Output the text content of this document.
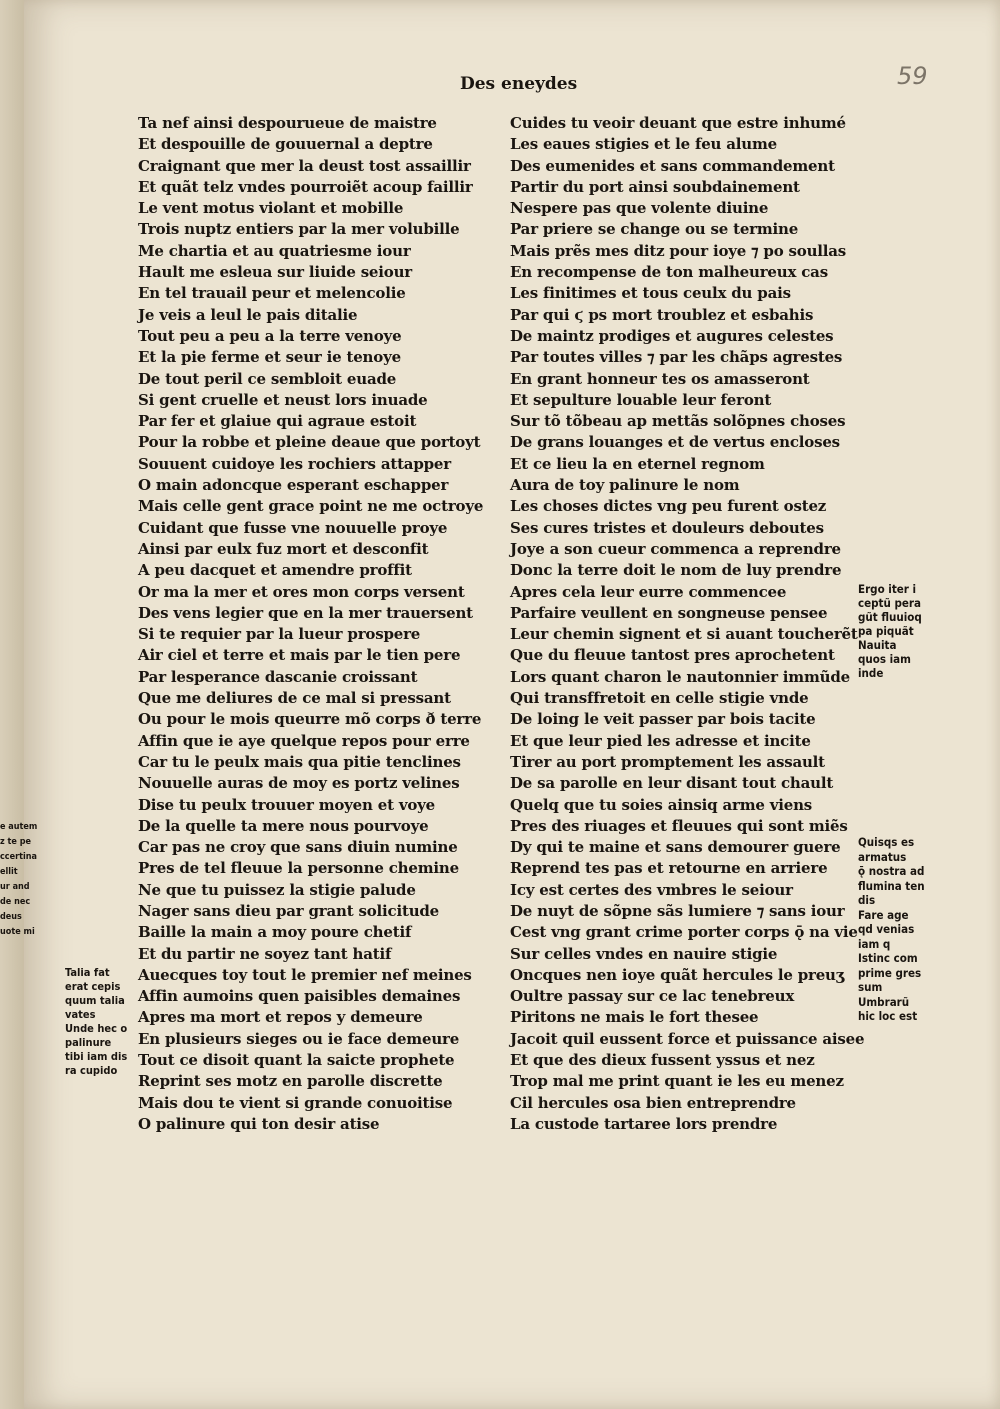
Des eneydes	59
Ta nef ainsi despourueue de maistre
Et despouille de gouuernal a deptre
Craignant que mer la deust tost assaillir
Et quãt telz vndes pourroiẽt acoup faillir
Le vent motus violant et mobille
Trois nuptz entiers par la mer volubille
Me chartia et au quatriesme iour
Hault me esleua sur liuide seiour
En tel trauail peur et melencolie
Je veis a leul le pais ditalie
Tout peu a peu a la terre venoye
Et la pie ferme et seur ie tenoye
De tout peril ce sembloit euade
Si gent cruelle et neust lors inuade
Par fer et glaiue qui agraue estoit
Pour la robbe et pleine deaue que portoyt
Souuent cuidoye les rochiers attapper
O main adoncque esperant eschapper
Mais celle gent grace point ne me octroye
Cuidant que fusse vne nouuelle proye
Ainsi par eulx fuz mort et desconfit
A peu dacquet et amendre proffit
Or ma la mer et ores mon corps versent
Des vens legier que en la mer trauersent
Si te requier par la lueur prospere
Air ciel et terre et mais par le tien pere
Par lesperance dascanie croissant
Que me deliures de ce mal si pressant
Ou pour le mois queurre mõ corps ð terre
Affin que ie aye quelque repos pour erre
Car tu le peulx mais qua pitie tenclines
Nouuelle auras de moy es portz velines
Dise tu peulx trouuer moyen et voye
De la quelle ta mere nous pourvoye
Car pas ne croy que sans diuin numine
Pres de tel fleuue la personne chemine
Ne que tu puissez la stigie palude
Nager sans dieu par grant solicitude
Baille la main a moy poure chetif
Et du partir ne soyez tant hatif
Auecques toy tout le premier nef meines
Affin aumoins quen paisibles demaines
Apres ma mort et repos y demeure
En plusieurs sieges ou ie face demeure
Tout ce disoit quant la saicte prophete
Reprint ses motz en parolle discrette
Mais dou te vient si grande conuoitise
O palinure qui ton desir atise
Cuides tu veoir deuant que estre inhumé
Les eaues stigies et le feu alume
Des eumenides et sans commandement
Partir du port ainsi soubdainement
Nespere pas que volente diuine
Par priere se change ou se termine
Mais prẽs mes ditz pour ioye ⁊ po soullas
En recompense de ton malheureux cas
Les finitimes et tous ceulx du pais
Par qui ϛ ps mort troublez et esbahis
De maintz prodiges et augures celestes
Par toutes villes ⁊ par les chãps agrestes
En grant honneur tes os amasseront
Et sepulture louable leur feront
Sur tõ tõbeau ap mettãs solõpnes choses
De grans louanges et de vertus encloses
Et ce lieu la en eternel regnom
Aura de toy palinure le nom
Les choses dictes vng peu furent ostez
Ses cures tristes et douleurs deboutes
Joye a son cueur commenca a reprendre
Donc la terre doit le nom de luy prendre
Apres cela leur eurre commencee
Parfaire veullent en songneuse pensee
Leur chemin signent et si auant toucherẽt
Que du fleuue tantost pres aprochetent
Lors quant charon le nautonnier immũde
Qui transffretoit en celle stigie vnde
De loing le veit passer par bois tacite
Et que leur pied les adresse et incite
Tirer au port promptement les assault
De sa parolle en leur disant tout chault
Quelq que tu soies ainsiq arme viens
Pres des riuages et fleuues qui sont miẽs
Dy qui te maine et sans demourer guere
Reprend tes pas et retourne en arriere
Icy est certes des vmbres le seiour
De nuyt de sõpne sãs lumiere ⁊ sans iour
Cest vng grant crime porter corps ǭ na vie
Sur celles vndes en nauire stigie
Oncques nen ioye quãt hercules le preuʒ
Oultre passay sur ce lac tenebreux
Piritons ne mais le fort thesee
Jacoit quil eussent force et puissance aisee
Et que des dieux fussent yssus et nez
Trop mal me print quant ie les eu menez
Cil hercules osa bien entreprendre
La custode tartaree lors prendre
Ergo iter i
ceptũ pera
gũt fluuioq
pa piquãt
Nauita
quos iam
inde
Quisqs es
armatus
ǭ nostra ad
flumina ten
dis
Fare age
qd venias
iam q
Istinc com
prime gres
sum
Umbrarũ
hic loc est
Talia fat
erat cepis
quum talia
vates
Unde hec o
palinure
tibi iam dis
ra cupido
e autem
z te pe
ccertina
ellit
ur and
de nec
deus
uote mi
